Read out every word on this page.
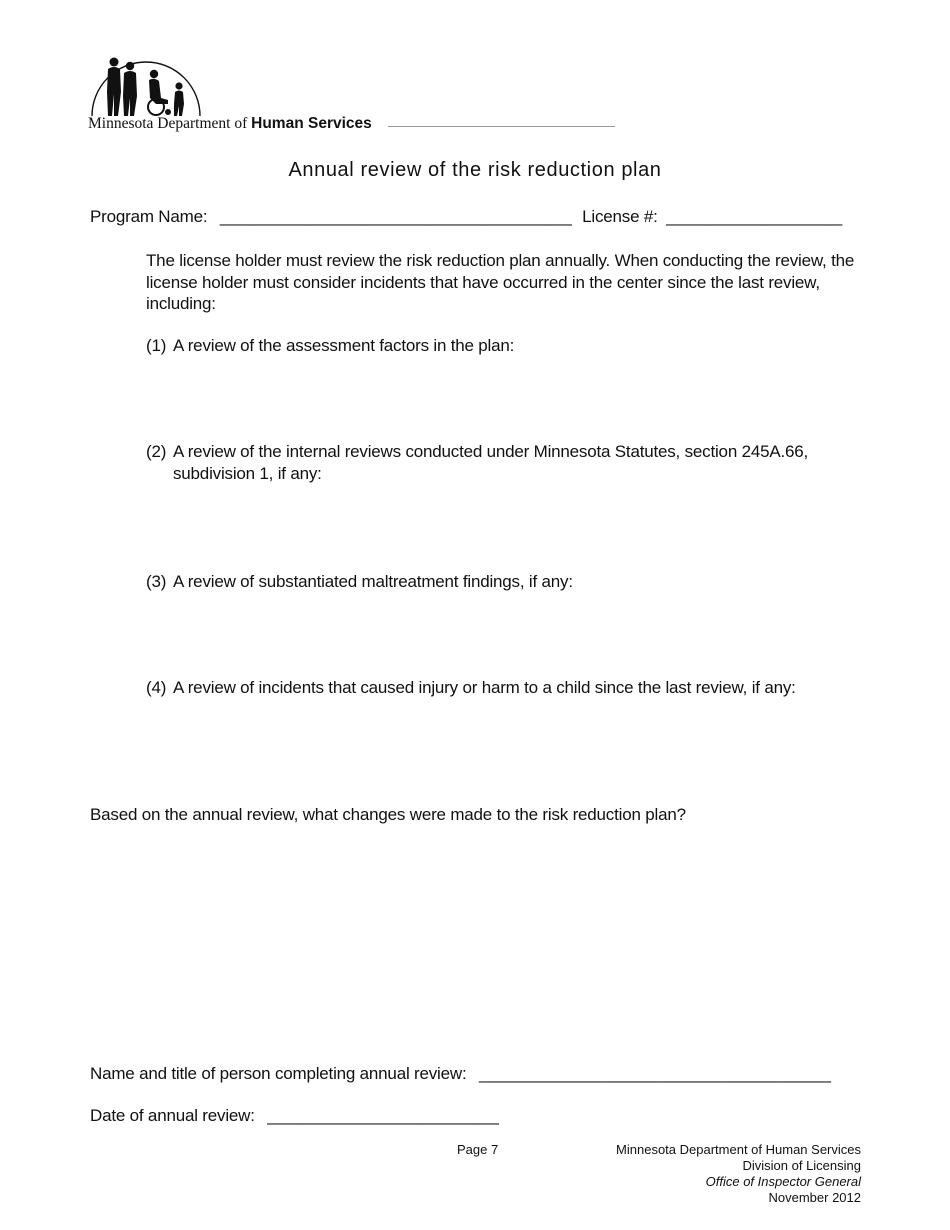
Minnesota Department of Human Services
Annual review of the risk reduction plan
Program Name: ______________________________________ License #: ___________________
The license holder must review the risk reduction plan annually. When conducting the review, the license holder must consider incidents that have occurred in the center since the last review, including:
(1) A review of the assessment factors in the plan:
(2) A review of the internal reviews conducted under Minnesota Statutes, section 245A.66, subdivision 1, if any:
(3) A review of substantiated maltreatment findings, if any:
(4) A review of incidents that caused injury or harm to a child since the last review, if any:
Based on the annual review, what changes were made to the risk reduction plan?
Name and title of person completing annual review: ______________________________________
Date of annual review: _________________________
Page 7	Minnesota Department of Human Services
Division of Licensing
Office of Inspector General
November 2012
